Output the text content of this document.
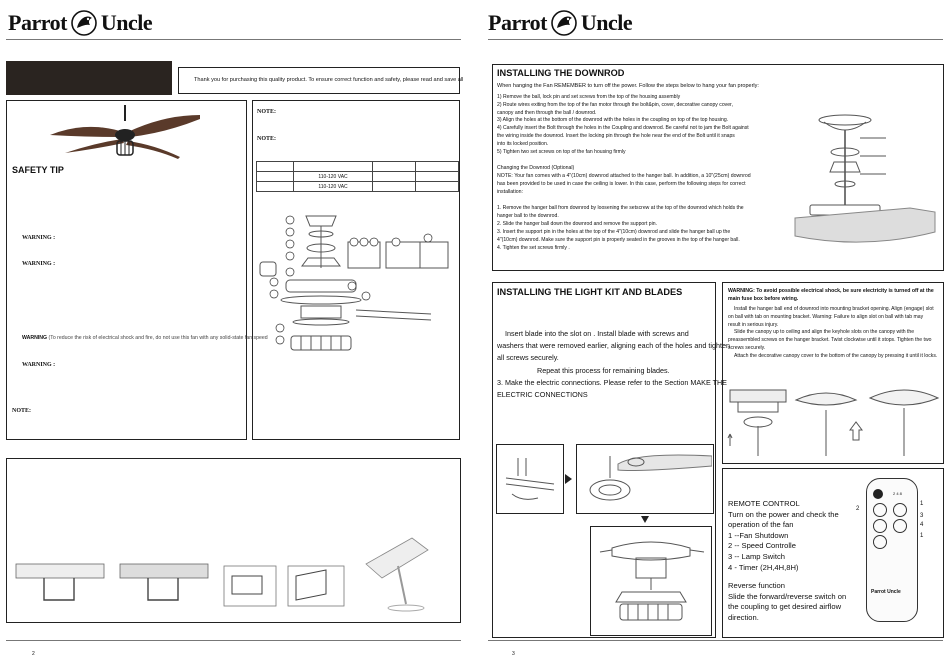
Parrot Uncle
Thank you for purchasing this quality product. To ensure correct function and safety, please read and save all
SAFETY TIP
WARNING :
WARNING :
WARNING (To reduce the risk of electrical shock and fire, do not use this fan with any solid-state fan speed
WARNING :
NOTE:
NOTE:
NOTE:

	110-120 VAC		
	110-120 VAC		
2
Parrot Uncle
INSTALLING THE DOWNROD
When hanging the Fan REMEMBER to turn off the power. Follow the steps below to hang your fan properly:
1) Remove the ball, lock pin and set screws from the top of the housing assembly
2) Route wires exiting from the top of the fan motor through the bolt&pin, cover, decorative canopy cover,
canopy and then through the ball / downrod.
3) Align the holes at the bottom of the downrod with the holes in the coupling on top of the top housing.
4) Carefully insert the Bolt through the holes in the Coupling and downrod. Be careful not to jam the Bolt against
the wiring inside the downrod. Insert the locking pin through the hole near the end of the Bolt until it snaps
into its locked position.
5) Tighten two set screws on top of the fan housing firmly
Changing the Downrod (Optional)
NOTE: Your fan comes with a 4"(10cm) downrod attached to the hanger ball. In addition, a 10"(25cm) downrod
has been provided to be used in case the ceiling is lower. In this case, perform the following steps for correct
installation:
1. Remove the hanger ball from downrod by loosening the setscrew at the top of the downrod which holds the
hanger ball to the downrod.
2. Slide the hanger ball down the downrod and remove the support pin.
3. Insert the support pin in the holes at the top of the 4"(10cm) downrod and slide the hanger ball up the
4"(10cm) downrod. Make sure the support pin is properly seated in the grooves in the top of the hanger ball.
4. Tighten the set screws firmly .
INSTALLING THE LIGHT KIT AND BLADES
Insert blade into the slot on . Install blade with screws and
washers that were removed earlier, aligning each of the holes and tighten
all screws securely.
Repeat this process for remaining blades.
3. Make the electric connections. Please refer to the Section MAKE THE
ELECTRIC CONNECTIONS
WARNING: To avoid possible electrical shock, be sure electricity is turned off at the main fuse box before wiring.
Install the hanger ball end of downrod into mounting bracket opening. Align (engage) slot
on ball with tab on mounting bracket. Warning: Failure to align slot on ball with tab may
result in serious injury.
Slide the canopy up to ceiling and align the keyhole slots on the canopy with the
preassembled screws on the hanger bracket. Twist clockwise until it stops. Tighten the two
screws securely.
Attach the decorative canopy cover to the bottom of the canopy by pressing it until it locks.
REMOTE CONTROL
Turn on the power and check the
operation of the fan
1 --Fan Shutdown
2 -- Speed Controlle
3 -- Lamp Switch
4 - Timer (2H,4H,8H)
Reverse function
Slide the forward/reverse switch on
the coupling to get desired airflow
direction.
2 4 8
Parrot Uncle
1
2
3
4
1
3
